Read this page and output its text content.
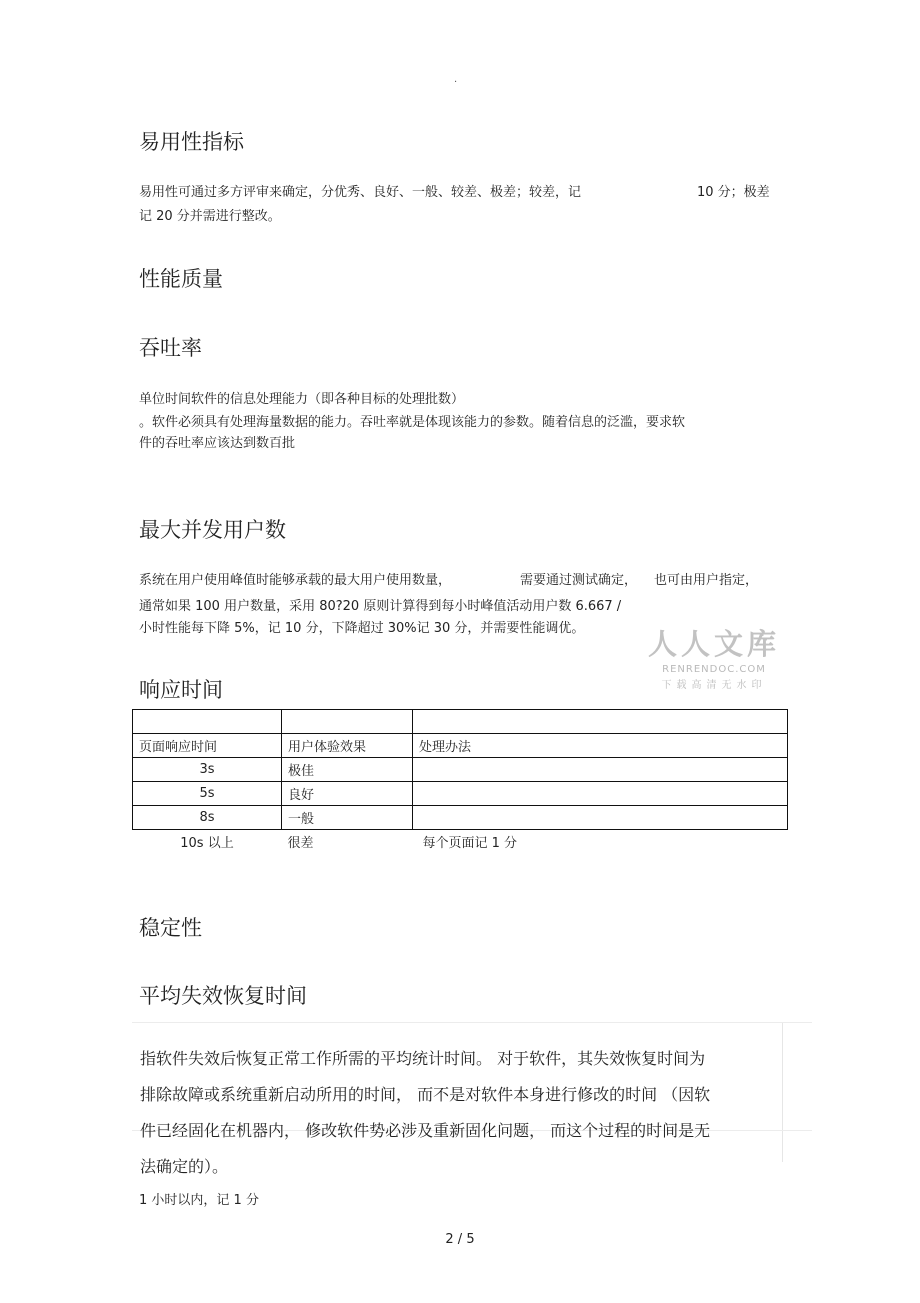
.
易用性指标
易用性可通过多方评审来确定，分优秀、良好、一般、较差、极差；较差，记	10 分；极差
记 20 分并需进行整改。
性能质量
吞吐率
单位时间软件的信息处理能力（即各种目标的处理批数）
。软件必须具有处理海量数据的能力。吞吐率就是体现该能力的参数。随着信息的泛滥，要求软
件的吞吐率应该达到数百批
最大并发用户数
系统在用户使用峰值时能够承载的最大用户使用数量，	需要通过测试确定， 也可由用户指定，
通常如果 100 用户数量，采用 80?20 原则计算得到每小时峰值活动用户数 6.667 /
小时性能每下降 5%，记 10 分，下降超过 30%记 30 分，并需要性能调优。 人人文库
RENRENDOC.COM
下载高清无水印
响应时间

页面响应时间	用户体验效果	处理办法
3s	极佳	
5s	良好	
8s	一般	
10s 以上	很差	每个页面记 1 分
稳定性
平均失效恢复时间
指软件失效后恢复正常工作所需的平均统计时间。 对于软件，其失效恢复时间为
排除故障或系统重新启动所用的时间， 而不是对软件本身进行修改的时间 （因软
件已经固化在机器内， 修改软件势必涉及重新固化问题， 而这个过程的时间是无
法确定的）。
1 小时以内，记 1 分
2 / 5
